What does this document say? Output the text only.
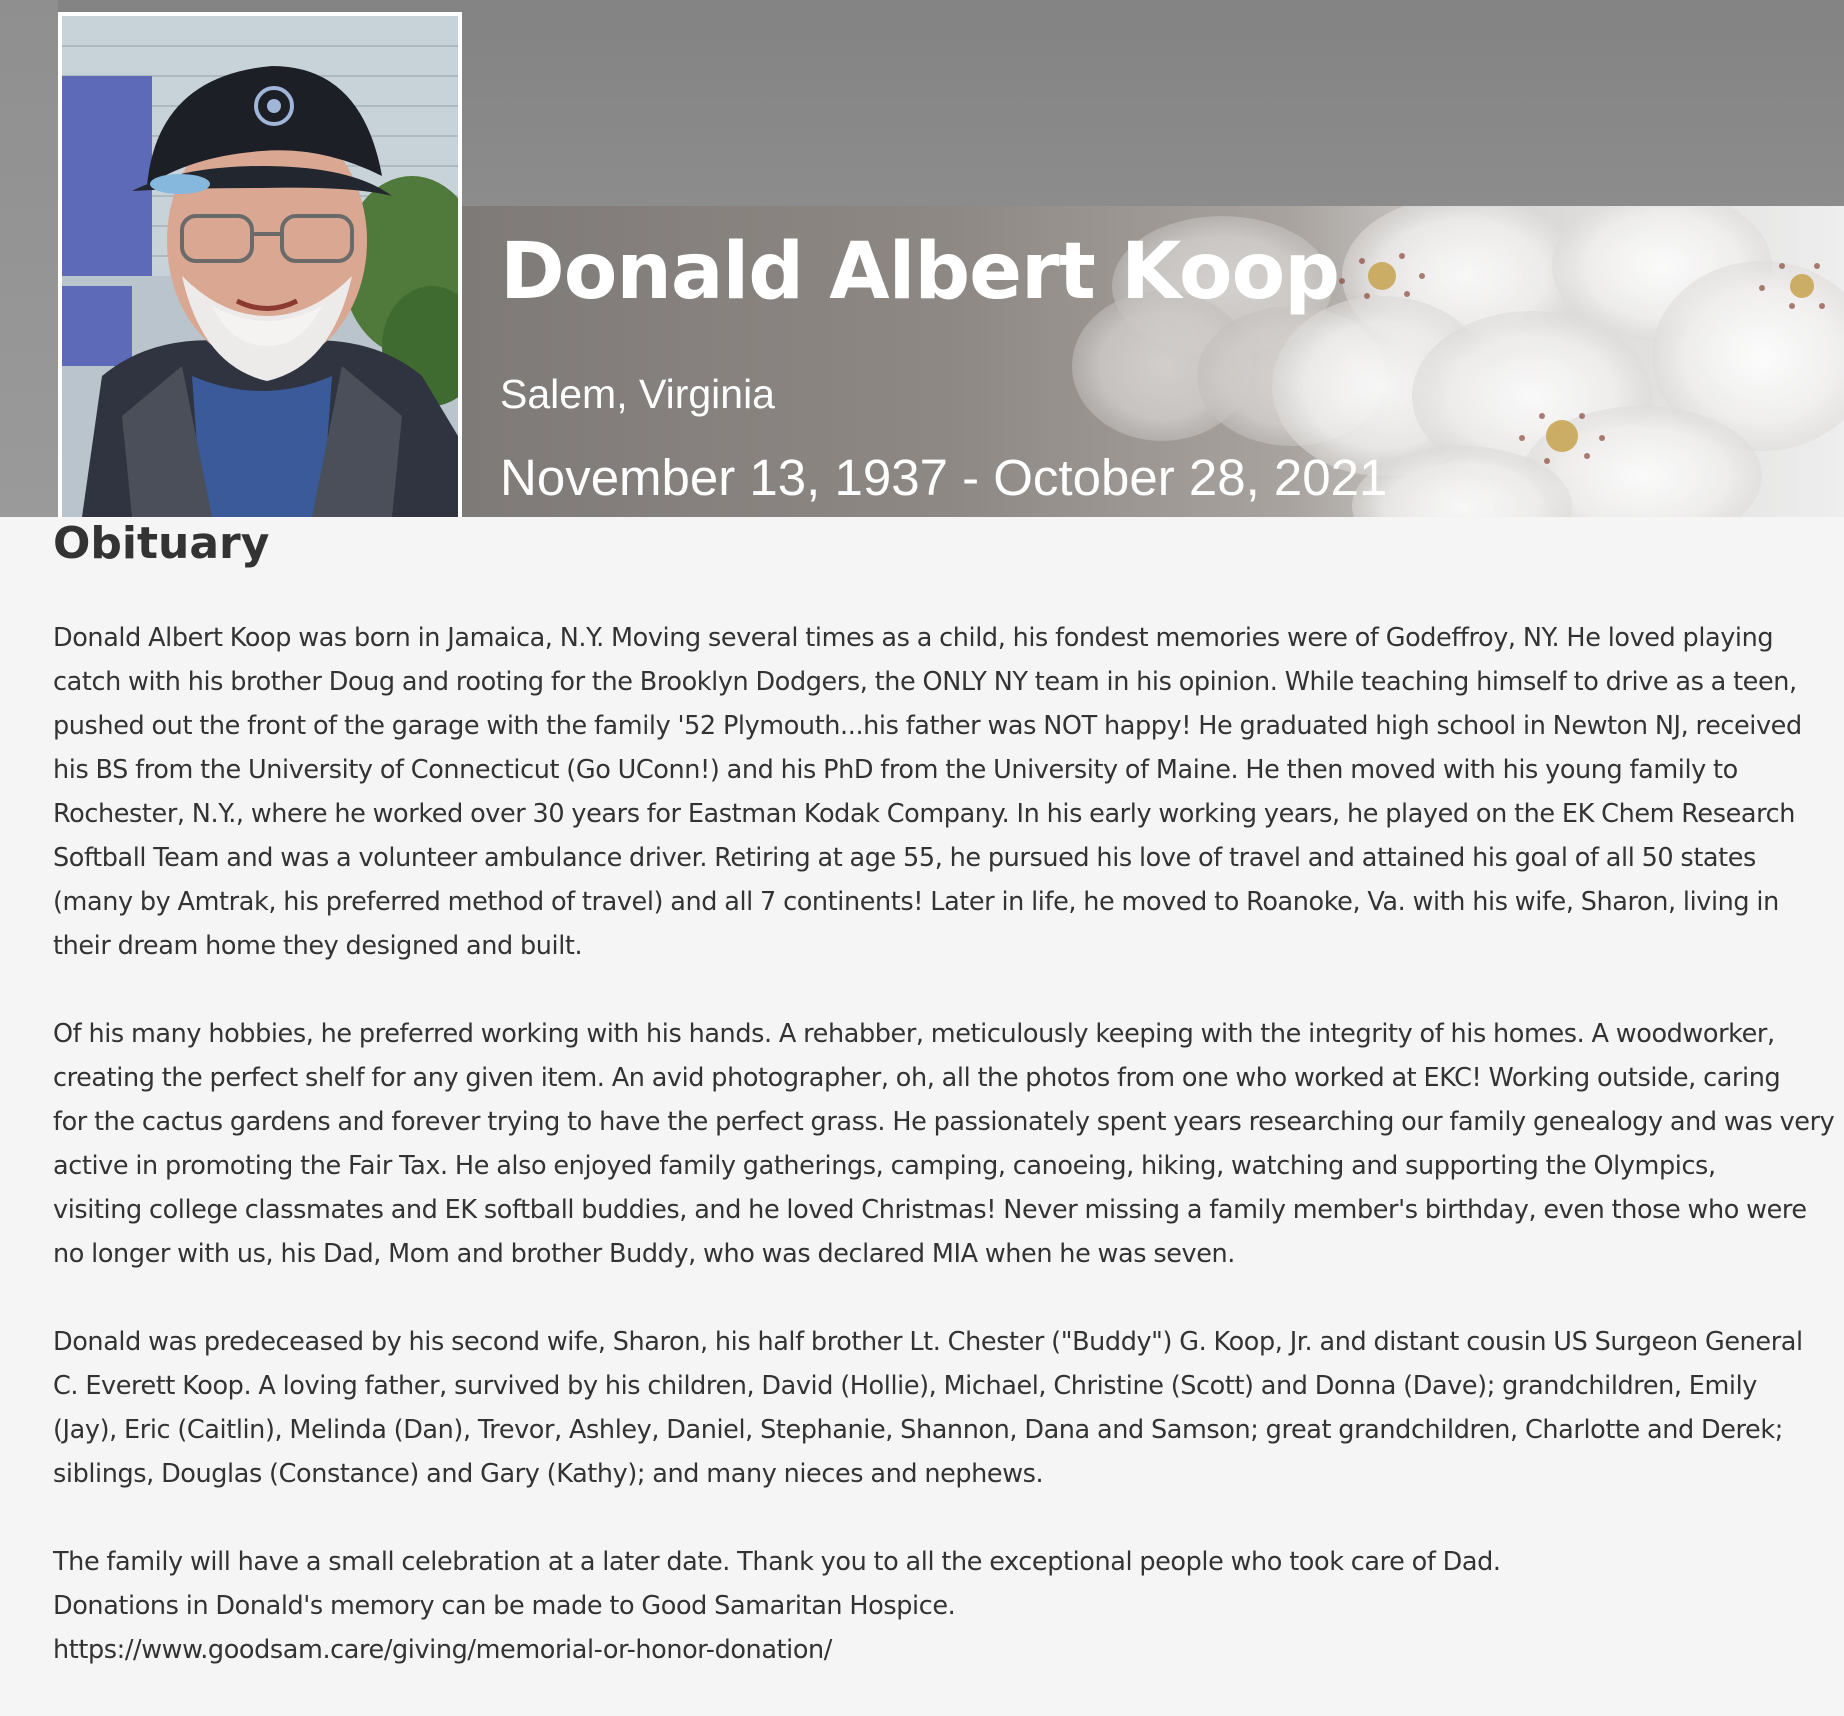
Donald Albert Koop
Salem, Virginia
November 13, 1937 - October 28, 2021
Obituary

Donald Albert Koop was born in Jamaica, N.Y. Moving several times as a child, his fondest memories were of Godeffroy, NY. He loved playing
catch with his brother Doug and rooting for the Brooklyn Dodgers, the ONLY NY team in his opinion. While teaching himself to drive as a teen,
pushed out the front of the garage with the family '52 Plymouth...his father was NOT happy! He graduated high school in Newton NJ, received
his BS from the University of Connecticut (Go UConn!) and his PhD from the University of Maine. He then moved with his young family to
Rochester, N.Y., where he worked over 30 years for Eastman Kodak Company. In his early working years, he played on the EK Chem Research
Softball Team and was a volunteer ambulance driver. Retiring at age 55, he pursued his love of travel and attained his goal of all 50 states
(many by Amtrak, his preferred method of travel) and all 7 continents! Later in life, he moved to Roanoke, Va. with his wife, Sharon, living in
their dream home they designed and built.

Of his many hobbies, he preferred working with his hands. A rehabber, meticulously keeping with the integrity of his homes. A woodworker,
creating the perfect shelf for any given item. An avid photographer, oh, all the photos from one who worked at EKC! Working outside, caring
for the cactus gardens and forever trying to have the perfect grass. He passionately spent years researching our family genealogy and was very
active in promoting the Fair Tax. He also enjoyed family gatherings, camping, canoeing, hiking, watching and supporting the Olympics,
visiting college classmates and EK softball buddies, and he loved Christmas! Never missing a family member's birthday, even those who were
no longer with us, his Dad, Mom and brother Buddy, who was declared MIA when he was seven.

Donald was predeceased by his second wife, Sharon, his half brother Lt. Chester ("Buddy") G. Koop, Jr. and distant cousin US Surgeon General
C. Everett Koop. A loving father, survived by his children, David (Hollie), Michael, Christine (Scott) and Donna (Dave); grandchildren, Emily
(Jay), Eric (Caitlin), Melinda (Dan), Trevor, Ashley, Daniel, Stephanie, Shannon, Dana and Samson; great grandchildren, Charlotte and Derek;
siblings, Douglas (Constance) and Gary (Kathy); and many nieces and nephews.

The family will have a small celebration at a later date. Thank you to all the exceptional people who took care of Dad.
Donations in Donald's memory can be made to Good Samaritan Hospice.
https://www.goodsam.care/giving/memorial-or-honor-donation/
